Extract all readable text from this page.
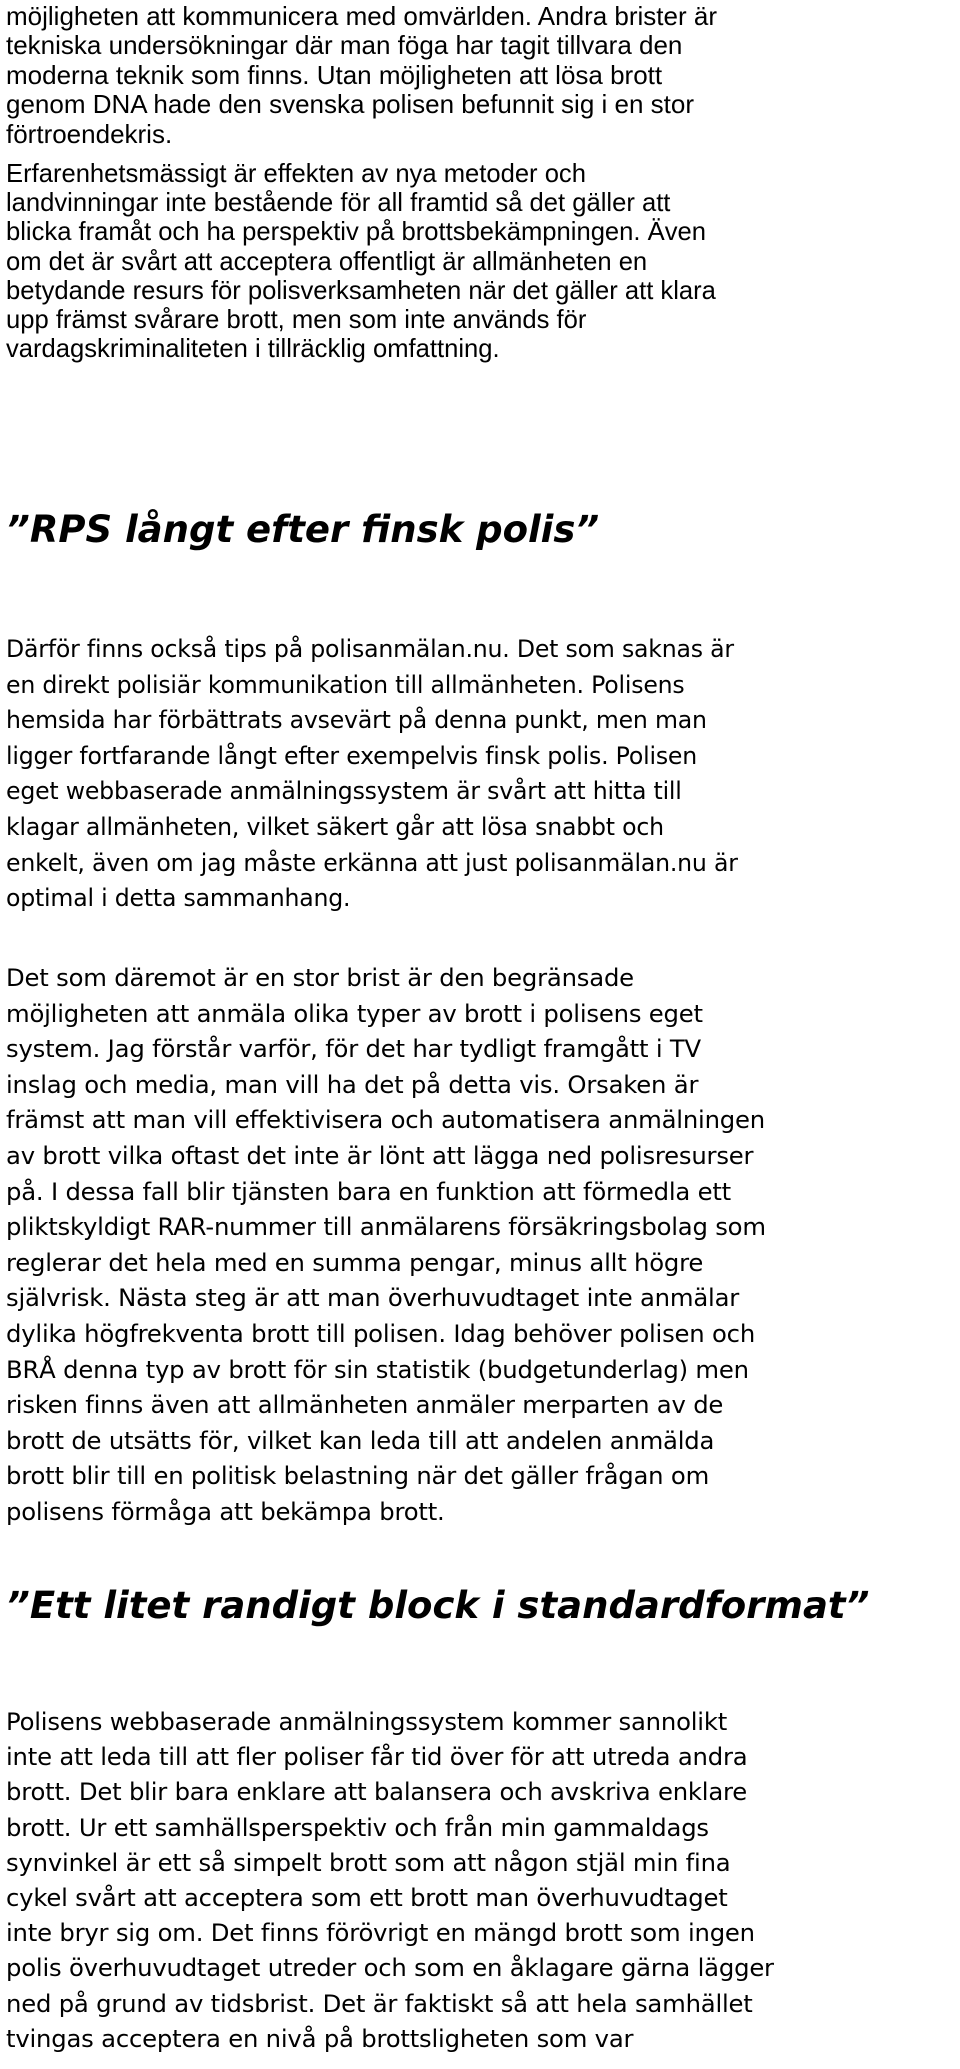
möjligheten att kommunicera med omvärlden. Andra brister är
tekniska undersökningar där man föga har tagit tillvara den
moderna teknik som finns. Utan möjligheten att lösa brott
genom DNA hade den svenska polisen befunnit sig i en stor
förtroendekris.

Erfarenhetsmässigt är effekten av nya metoder och
landvinningar inte bestående för all framtid så det gäller att
blicka framåt och ha perspektiv på brottsbekämpningen. Även
om det är svårt att acceptera offentligt är allmänheten en
betydande resurs för polisverksamheten när det gäller att klara
upp främst svårare brott, men som inte används för
vardagskriminaliteten i tillräcklig omfattning.

”RPS långt efter finsk polis”

Därför finns också tips på polisanmälan.nu. Det som saknas är
en direkt polisiär kommunikation till allmänheten. Polisens
hemsida har förbättrats avsevärt på denna punkt, men man
ligger fortfarande långt efter exempelvis finsk polis. Polisen
eget webbaserade anmälningssystem är svårt att hitta till
klagar allmänheten, vilket säkert går att lösa snabbt och
enkelt, även om jag måste erkänna att just polisanmälan.nu är
optimal i detta sammanhang.

Det som däremot är en stor brist är den begränsade
möjligheten att anmäla olika typer av brott i polisens eget
system. Jag förstår varför, för det har tydligt framgått i TV
inslag och media, man vill ha det på detta vis. Orsaken är
främst att man vill effektivisera och automatisera anmälningen
av brott vilka oftast det inte är lönt att lägga ned polisresurser
på. I dessa fall blir tjänsten bara en funktion att förmedla ett
pliktskyldigt RAR-nummer till anmälarens försäkringsbolag som
reglerar det hela med en summa pengar, minus allt högre
självrisk. Nästa steg är att man överhuvudtaget inte anmälar
dylika högfrekventa brott till polisen. Idag behöver polisen och
BRÅ denna typ av brott för sin statistik (budgetunderlag) men
risken finns även att allmänheten anmäler merparten av de
brott de utsätts för, vilket kan leda till att andelen anmälda
brott blir till en politisk belastning när det gäller frågan om
polisens förmåga att bekämpa brott.

”Ett litet randigt block i standardformat”

Polisens webbaserade anmälningssystem kommer sannolikt
inte att leda till att fler poliser får tid över för att utreda andra
brott. Det blir bara enklare att balansera och avskriva enklare
brott. Ur ett samhällsperspektiv och från min gammaldags
synvinkel är ett så simpelt brott som att någon stjäl min fina
cykel svårt att acceptera som ett brott man överhuvudtaget
inte bryr sig om. Det finns förövrigt en mängd brott som ingen
polis överhuvudtaget utreder och som en åklagare gärna lägger
ned på grund av tidsbrist. Det är faktiskt så att hela samhället
tvingas acceptera en nivå på brottsligheten som var
